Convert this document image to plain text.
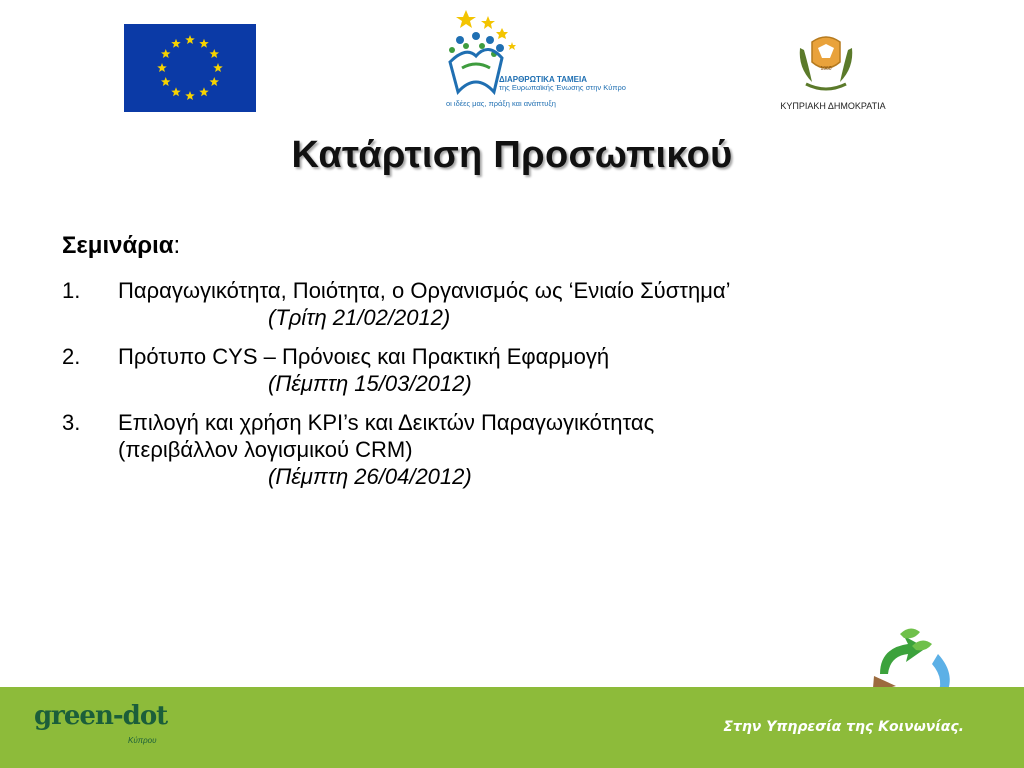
ΔΙΑΡΘΡΩΤΙΚΑ ΤΑΜΕΙΑ
της Ευρωπαϊκής Ένωσης στην Κύπρο
οι ιδέες μας, πράξη και ανάπτυξη
1960
ΚΥΠΡΙΑΚΗ ΔΗΜΟΚΡΑΤΙΑ
Κατάρτιση Προσωπικού
Σεμινάρια:
1. Παραγωγικότητα, Ποιότητα, ο Οργανισμός ως ‘Ενιαίο Σύστημα’
(Τρίτη 21/02/2012)
2. Πρότυπο CYS – Πρόνοιες και Πρακτική Εφαρμογή
(Πέμπτη 15/03/2012)
3. Επιλογή και χρήση KPI’s και Δεικτών Παραγωγικότητας
(περιβάλλον λογισμικού CRM)
(Πέμπτη 26/04/2012)
green-dot
Κύπρου
Στην Υπηρεσία της Κοινωνίας.
